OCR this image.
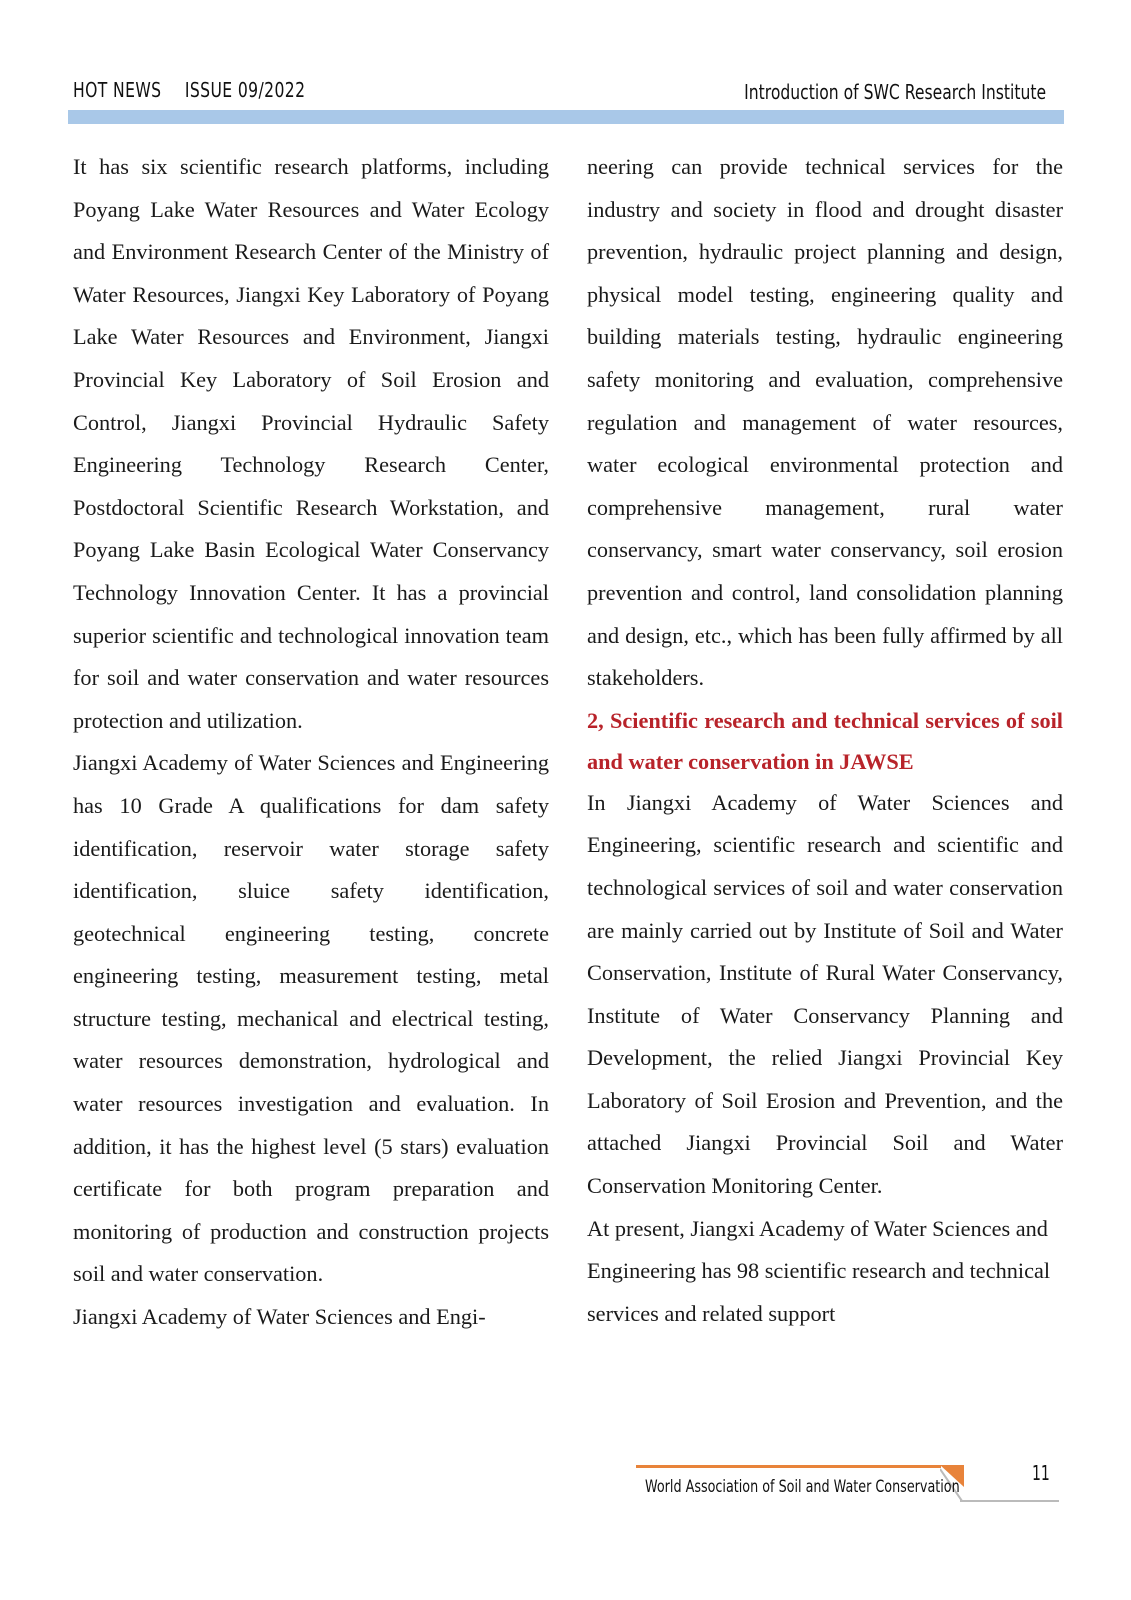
HOT NEWS ISSUE 09/2022	Introduction of SWC Research Institute

It has six scientific research platforms, including Poyang Lake Water Resources and Water Ecology and Environment Research Center of the Ministry of Water Resources, Jiangxi Key Laboratory of Poyang Lake Water Resources and Environment, Jiangxi Provincial Key Laboratory of Soil Erosion and Control, Jiangxi Provincial Hydraulic Safety Engineering Technology Research Center, Postdoctoral Scientific Research Workstation, and Poyang Lake Basin Ecological Water Conservancy Technology Innovation Center. It has a provincial superior scientific and technological innovation team for soil and water conservation and water resources protection and utilization.

Jiangxi Academy of Water Sciences and Engineering has 10 Grade A qualifications for dam safety identification, reservoir water storage safety identification, sluice safety identification, geotechnical engineering testing, concrete engineering testing, measurement testing, metal structure testing, mechanical and electrical testing, water resources demonstration, hydrological and water resources investigation and evaluation. In addition, it has the highest level (5 stars) evaluation certificate for both program preparation and monitoring of production and construction projects soil and water conservation.

Jiangxi Academy of Water Sciences and Engi-

neering can provide technical services for the industry and society in flood and drought disaster prevention, hydraulic project planning and design, physical model testing, engineering quality and building materials testing, hydraulic engineering safety monitoring and evaluation, comprehensive regulation and management of water resources, water ecological environmental protection and comprehensive management, rural water conservancy, smart water conservancy, soil erosion prevention and control, land consolidation planning and design, etc., which has been fully affirmed by all stakeholders.

2, Scientific research and technical services of soil and water conservation in JAWSE

In Jiangxi Academy of Water Sciences and Engineering, scientific research and scientific and technological services of soil and water conservation are mainly carried out by Institute of Soil and Water Conservation, Institute of Rural Water Conservancy, Institute of Water Conservancy Planning and Development, the relied Jiangxi Provincial Key Laboratory of Soil Erosion and Prevention, and the attached Jiangxi Provincial Soil and Water Conservation Monitoring Center.

At present, Jiangxi Academy of Water Sciences and Engineering has 98 scientific research and technical services and related support

World Association of Soil and Water Conservation
11
